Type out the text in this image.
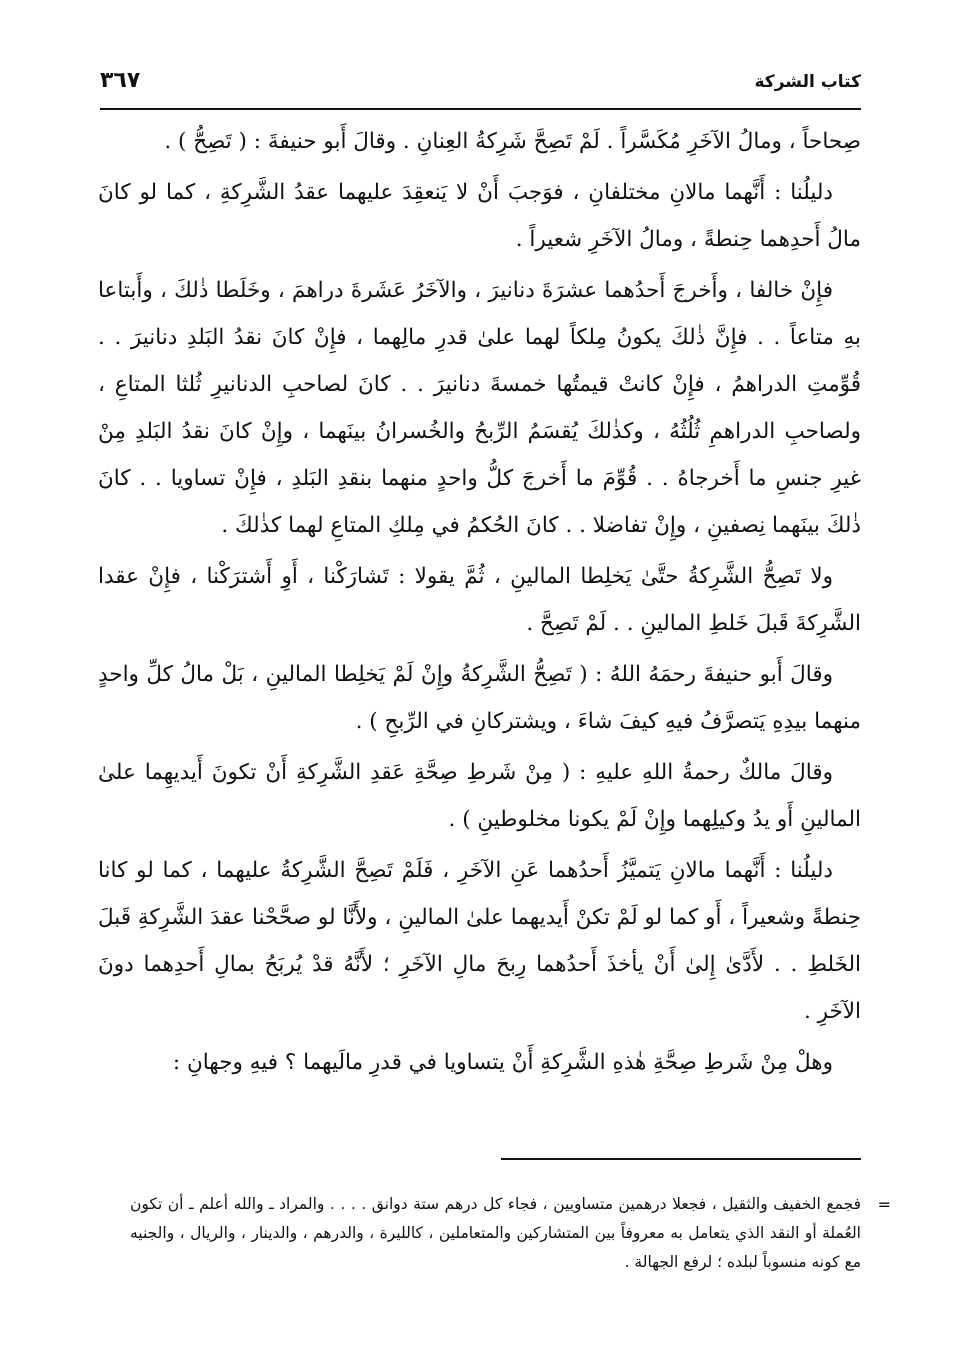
كتاب الشركة
٣٦٧

صِحاحاً ، ومالُ الآخَرِ مُكَسَّراً . لَمْ تَصِحَّ شَرِكةُ العِنانِ . وقالَ أَبو حنيفةَ : ( تَصِحُّ ) .

دليلُنا : أَنَّهما مالانِ مختلفانِ ، فوَجبَ أَنْ لا يَنعقِدَ عليهما عقدُ الشَّرِكةِ ، كما لو كانَ مالُ أَحدِهما حِنطةً ، ومالُ الآخَرِ شعيراً .

فإِنْ خالفا ، وأَخرجَ أَحدُهما عشرَةَ دنانيرَ ، والآخَرُ عَشَرةَ دراهمَ ، وخَلَطا ذٰلكَ ، وأَبتاعا بهِ متاعاً . . فإِنَّ ذٰلكَ يكونُ مِلكاً لهما علىٰ قدرِ مالِهما ، فإِنْ كانَ نقدُ البَلدِ دنانيرَ . . قُوِّمتِ الدراهمُ ، فإِنْ كانتْ قيمتُها خمسةَ دنانيرَ . . كانَ لصاحبِ الدنانيرِ ثُلثا المتاعِ ، ولصاحبِ الدراهمِ ثُلُثُهُ ، وكذٰلكَ يُقسَمُ الرِّبحُ والخُسرانُ بينَهما ، وإِنْ كانَ نقدُ البَلدِ مِنْ غيرِ جنسِ ما أَخرجاهُ . . قُوِّمَ ما أَخرجَ كلُّ واحدٍ منهما بنقدِ البَلدِ ، فإِنْ تساويا . . كانَ ذٰلكَ بينَهما نِصفينِ ، وإِنْ تفاضلا . . كانَ الحُكمُ في مِلكِ المتاعِ لهما كذٰلكَ .

ولا تَصِحُّ الشَّرِكةُ حتَّىٰ يَخلِطا المالينِ ، ثُمَّ يقولا : تَشارَكْنا ، أَوِ أَشترَكْنا ، فإِنْ عقدا الشَّرِكةَ قَبلَ خَلطِ المالينِ . . لَمْ تَصِحَّ .

وقالَ أَبو حنيفةَ رحمَهُ اللهُ : ( تَصِحُّ الشَّرِكةُ وإِنْ لَمْ يَخلِطا المالينِ ، بَلْ مالُ كلِّ واحدٍ منهما بيدِهِ يَتصرَّفُ فيهِ كيفَ شاءَ ، ويشتركانِ في الرِّبحِ ) .

وقالَ مالكٌ رحمةُ اللهِ عليهِ : ( مِنْ شَرطِ صِحَّةِ عَقدِ الشَّرِكةِ أَنْ تكونَ أَيديهِما علىٰ المالينِ أَو يدُ وكيلِهما وإِنْ لَمْ يكونا مخلوطينِ ) .

دليلُنا : أَنَّهما مالانِ يَتميَّزُ أَحدُهما عَنِ الآخَرِ ، فَلَمْ تَصِحَّ الشَّرِكةُ عليهما ، كما لو كانا حِنطةً وشعيراً ، أَو كما لو لَمْ تكنْ أَيديهما علىٰ المالينِ ، ولأَنَّا لو صحَّحْنا عقدَ الشَّرِكةِ قَبلَ الخَلطِ . . لأَدَّىٰ إِلىٰ أَنْ يأخذَ أَحدُهما رِبحَ مالِ الآخَرِ ؛ لأَنَّهُ قدْ يُربَحُ بمالِ أَحدِهما دونَ الآخَرِ .

وهلْ مِنْ شَرطِ صِحَّةِ هٰذهِ الشَّرِكةِ أَنْ يتساويا في قدرِ مالَيهما ؟ فيهِ وجهانِ :

=
فجمع الخفيف والثقيل ، فجعلا درهمين متساويين ، فجاء كل درهم ستة دوانق . . . . والمراد ـ والله أعلم ـ أن تكون العُملة أو النقد الذي يتعامل به معروفاً بين المتشاركين والمتعاملين ، كالليرة ، والدرهم ، والدينار ، والريال ، والجنيه مع كونه منسوباً لبلده ؛ لرفع الجهالة .
